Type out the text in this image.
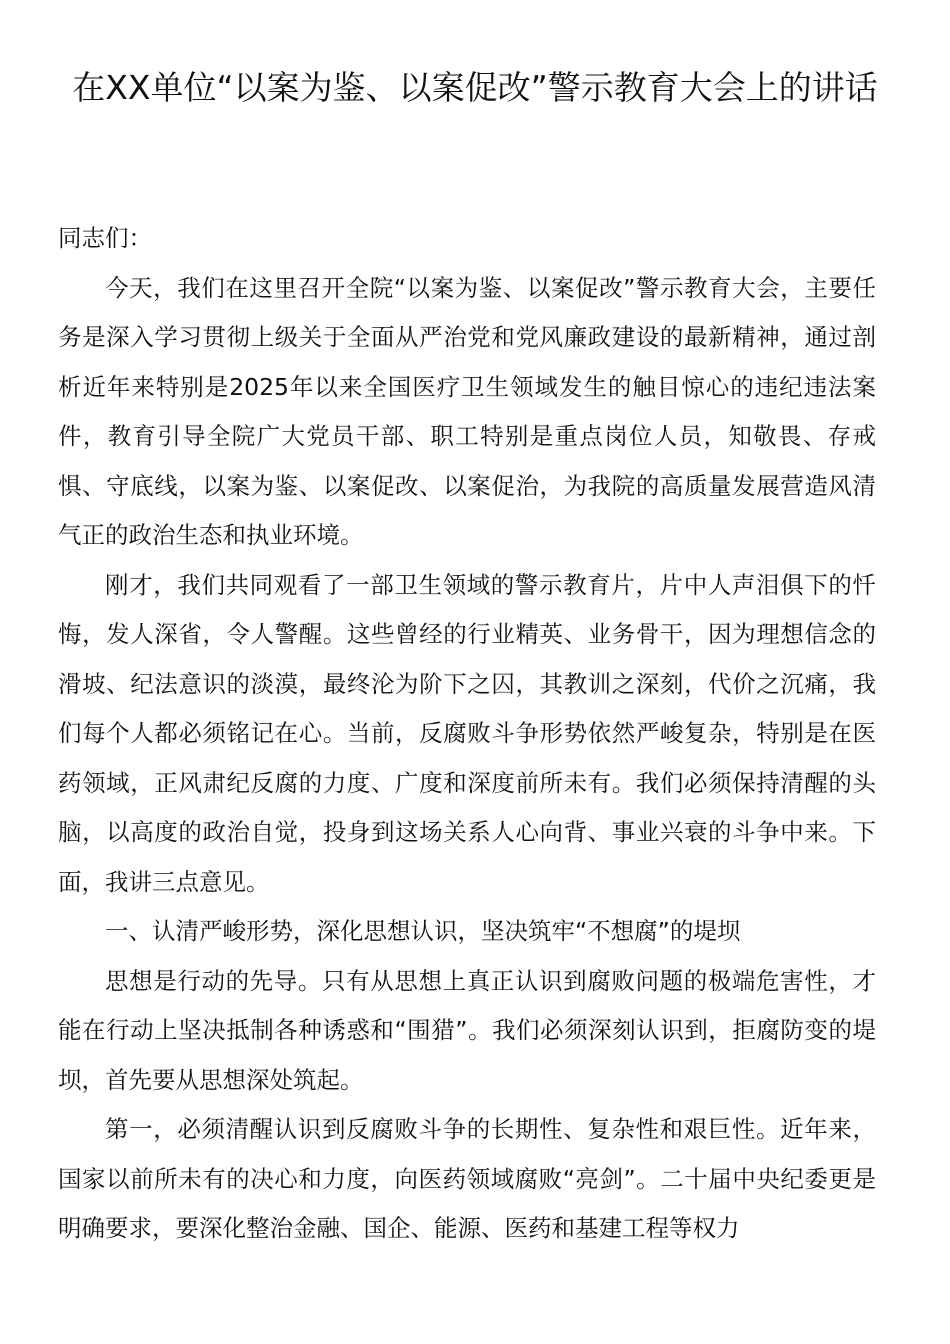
在XX单位“以案为鉴、以案促改”警示教育大会上的讲话

同志们：

今天，我们在这里召开全院“以案为鉴、以案促改”警示教育大会，主要任务是深入学习贯彻上级关于全面从严治党和党风廉政建设的最新精神，通过剖析近年来特别是2025年以来全国医疗卫生领域发生的触目惊心的违纪违法案件，教育引导全院广大党员干部、职工特别是重点岗位人员，知敬畏、存戒惧、守底线，以案为鉴、以案促改、以案促治，为我院的高质量发展营造风清气正的政治生态和执业环境。

刚才，我们共同观看了一部卫生领域的警示教育片，片中人声泪俱下的忏悔，发人深省，令人警醒。这些曾经的行业精英、业务骨干，因为理想信念的滑坡、纪法意识的淡漠，最终沦为阶下之囚，其教训之深刻，代价之沉痛，我们每个人都必须铭记在心。当前，反腐败斗争形势依然严峻复杂，特别是在医药领域，正风肃纪反腐的力度、广度和深度前所未有。我们必须保持清醒的头脑，以高度的政治自觉，投身到这场关系人心向背、事业兴衰的斗争中来。下面，我讲三点意见。

一、认清严峻形势，深化思想认识，坚决筑牢“不想腐”的堤坝

思想是行动的先导。只有从思想上真正认识到腐败问题的极端危害性，才能在行动上坚决抵制各种诱惑和“围猎”。我们必须深刻认识到，拒腐防变的堤坝，首先要从思想深处筑起。

第一，必须清醒认识到反腐败斗争的长期性、复杂性和艰巨性。近年来，国家以前所未有的决心和力度，向医药领域腐败“亮剑”。二十届中央纪委更是明确要求，要深化整治金融、国企、能源、医药和基建工程等权力
